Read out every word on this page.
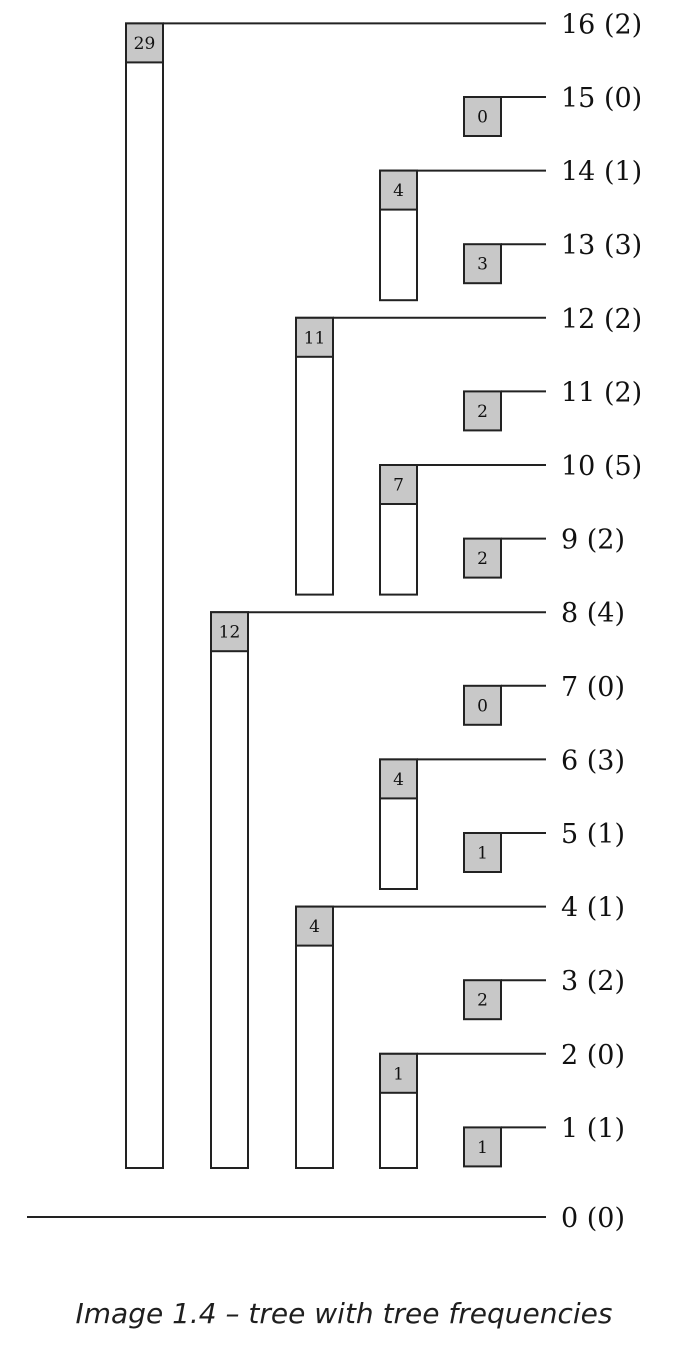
0 (0)
1
1 (1)
1
2 (0)
2
3 (2)
4
4 (1)
1
5 (1)
4
6 (3)
0
7 (0)
12
8 (4)
2
9 (2)
7
10 (5)
2
11 (2)
11
12 (2)
3
13 (3)
4
14 (1)
0
15 (0)
29
16 (2)

Image 1.4 – tree with tree frequencies
